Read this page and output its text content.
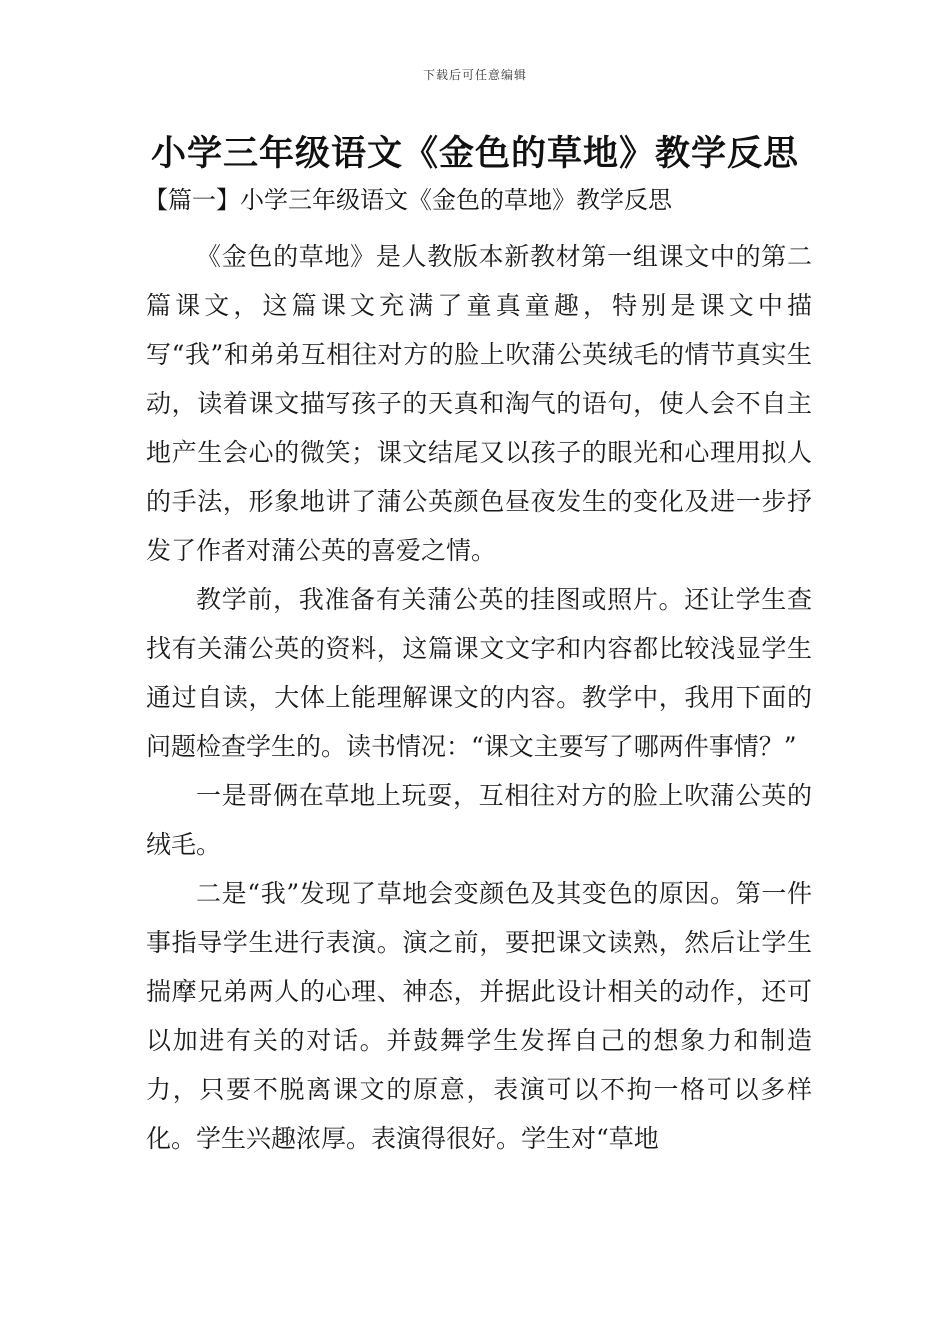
下载后可任意编辑
小学三年级语文《金色的草地》教学反思
【篇一】小学三年级语文《金色的草地》教学反思

《金色的草地》是人教版本新教材第一组课文中的第二篇课文，这篇课文充满了童真童趣，特别是课文中描写“我”和弟弟互相往对方的脸上吹蒲公英绒毛的情节真实生动，读着课文描写孩子的天真和淘气的语句，使人会不自主地产生会心的微笑；课文结尾又以孩子的眼光和心理用拟人的手法，形象地讲了蒲公英颜色昼夜发生的变化及进一步抒发了作者对蒲公英的喜爱之情。

教学前，我准备有关蒲公英的挂图或照片。还让学生查找有关蒲公英的资料，这篇课文文字和内容都比较浅显学生通过自读，大体上能理解课文的内容。教学中，我用下面的问题检查学生的。读书情况：“课文主要写了哪两件事情？”

一是哥俩在草地上玩耍，互相往对方的脸上吹蒲公英的绒毛。

二是“我”发现了草地会变颜色及其变色的原因。第一件事指导学生进行表演。演之前，要把课文读熟，然后让学生揣摩兄弟两人的心理、神态，并据此设计相关的动作，还可以加进有关的对话。并鼓舞学生发挥自己的想象力和制造力，只要不脱离课文的原意，表演可以不拘一格可以多样化。学生兴趣浓厚。表演得很好。学生对“草地
